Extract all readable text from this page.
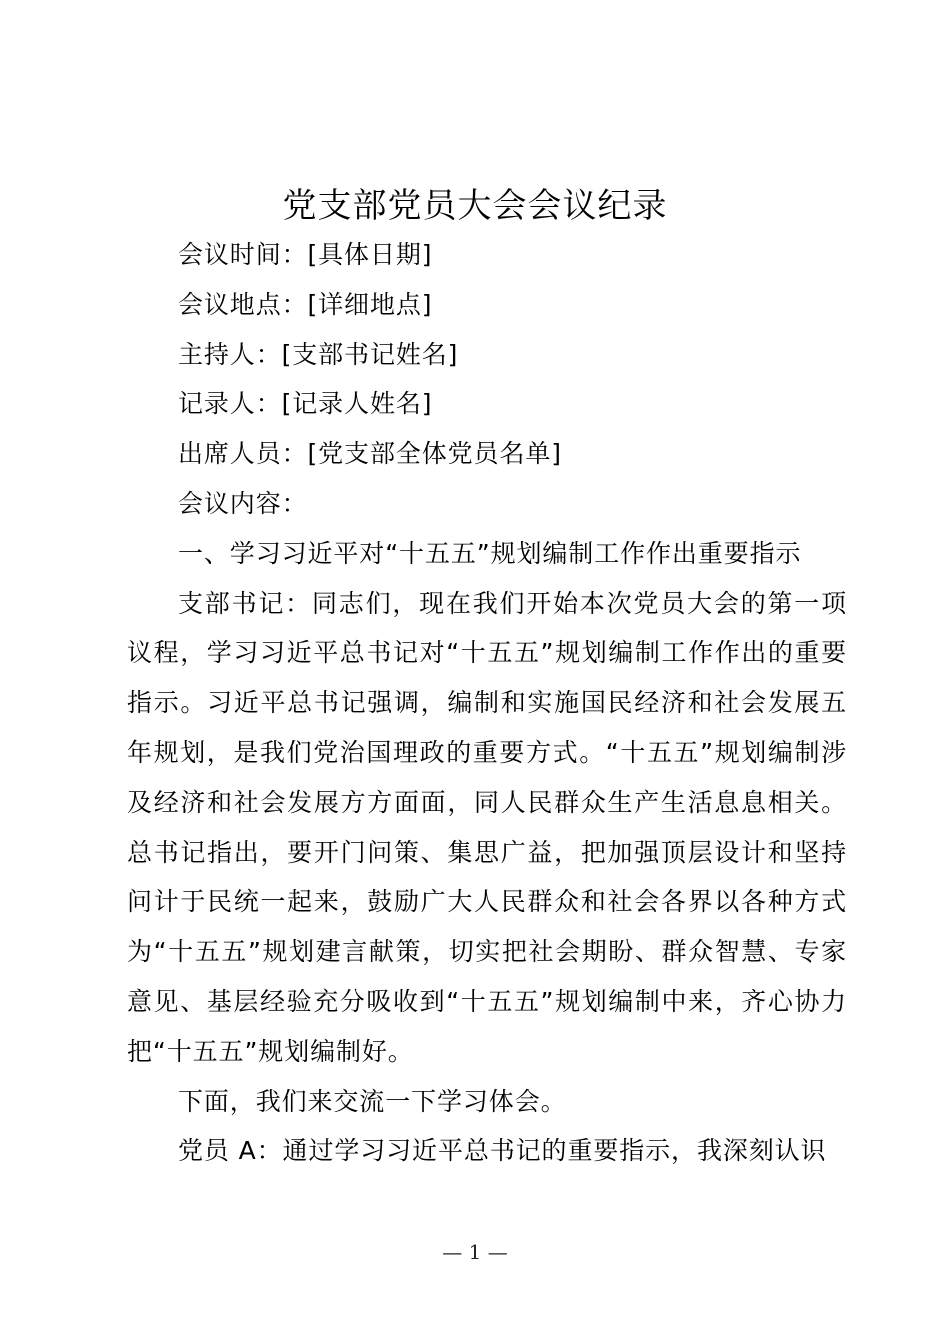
党支部党员大会会议纪录

会议时间：[具体日期]

会议地点：[详细地点]

主持人：[支部书记姓名]

记录人：[记录人姓名]

出席人员：[党支部全体党员名单]

会议内容：

一、学习习近平对“十五五”规划编制工作作出重要指示

支部书记：同志们，现在我们开始本次党员大会的第一项议程，学习习近平总书记对“十五五”规划编制工作作出的重要指示。习近平总书记强调，编制和实施国民经济和社会发展五年规划，是我们党治国理政的重要方式。“十五五”规划编制涉及经济和社会发展方方面面，同人民群众生产生活息息相关。总书记指出，要开门问策、集思广益，把加强顶层设计和坚持问计于民统一起来，鼓励广大人民群众和社会各界以各种方式为“十五五”规划建言献策，切实把社会期盼、群众智慧、专家意见、基层经验充分吸收到“十五五”规划编制中来，齐心协力把“十五五”规划编制好。

下面，我们来交流一下学习体会。

党员 A：通过学习习近平总书记的重要指示，我深刻认识

— 1 —
